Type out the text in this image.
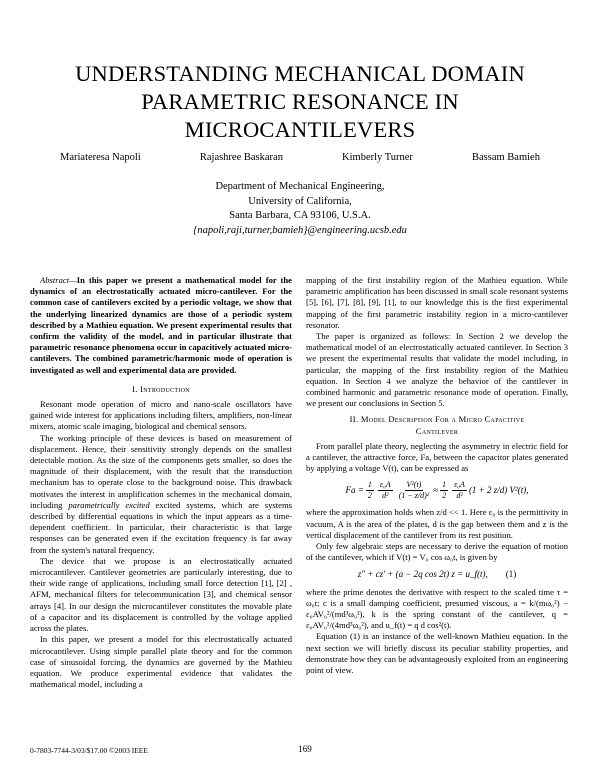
UNDERSTANDING MECHANICAL DOMAIN
PARAMETRIC RESONANCE IN
MICROCANTILEVERS
Mariateresa Napoli	Rajashree Baskaran	Kimberly Turner	Bassam Bamieh
Department of Mechanical Engineering,
University of California,
Santa Barbara, CA 93106, U.S.A.
{napoli,raji,turner,bamieh}@engineering.ucsb.edu

Abstract—In this paper we present a mathematical model for the dynamics of an electrostatically actuated micro-cantilever. For the common case of cantilevers excited by a periodic voltage, we show that the underlying linearized dynamics are those of a periodic system described by a Mathieu equation. We present experimental results that confirm the validity of the model, and in particular illustrate that parametric resonance phenomena occur in capacitively actuated micro-cantilevers. The combined parametric/harmonic mode of operation is investigated as well and experimental data are provided.

I. Introduction

Resonant mode operation of micro and nano-scale oscillators have gained wide interest for applications including filters, amplifiers, non-linear mixers, atomic scale imaging, biological and chemical sensors.

The working principle of these devices is based on measurement of displacement. Hence, their sensitivity strongly depends on the smallest detectable motion. As the size of the components gets smaller, so does the magnitude of their displacement, with the result that the transduction mechanism has to operate close to the background noise. This drawback motivates the interest in amplification schemes in the mechanical domain, including parametrically excited excited systems, which are systems described by differential equations in which the input appears as a time-dependent coefficient. In particular, their characteristic is that large responses can be generated even if the excitation frequency is far away from the system's natural frequency.

The device that we propose is an electrostatically actuated microcantilever. Cantilever geometries are particularly interesting, due to their wide range of applications, including small force detection [1], [2] , AFM, mechanical filters for telecommunication [3], and chemical sensor arrays [4]. In our design the microcantilever constitutes the movable plate of a capacitor and its displacement is controlled by the voltage applied across the plates.

In this paper, we present a model for this electrostatically actuated microcantilever. Using simple parallel plate theory and for the common case of sinusoidal forcing, the dynamics are governed by the Mathieu equation. We produce experimental evidence that validates the mathematical model, including a

mapping of the first instability region of the Mathieu equation. While parametric amplification has been discussed in small scale resonant systems [5], [6], [7], [8], [9], [1], to our knowledge this is the first experimental mapping of the first parametric instability region in a micro-cantilever resonator.

The paper is organized as follows: In Section 2 we develop the mathematical model of an electrostatically actuated cantilever. In Section 3 we present the experimental results that validate the model including, in particular, the mapping of the first instability region of the Mathieu equation. In Section 4 we analyze the behavior of the cantilever in combined harmonic and parametric resonance mode of operation. Finally, we present our conclusions in Section 5.

II. Model Description For a Micro Capacitive
Cantilever

From parallel plate theory, neglecting the asymmetry in electric field for a cantilever, the attractive force, Fa, between the capacitor plates generated by applying a voltage V(t), can be expressed as

$Fa = \frac{1}{2} \frac{\text{ε₀A}}{\text{d²}} \frac{\text{V²(t)}}{\text{(1 − z/d)²}} \approx \frac{1}{2} \frac{\text{ε₀A}}{\text{d²}} (1 + 2$ z/d) V²(t),

where the approximation holds when z/d << 1. Here ε₀ is the permittivity in vacuum, A is the area of the plates, d is the gap between them and z is the vertical displacement of the cantilever from its rest position.

Only few algebraic steps are necessary to derive the equation of motion of the cantilever, which if V(t) = V₀ cos ω₀t, is given by

z″ + cz′ + (a − 2q cos 2t) z = u_f(t), (1)

where the prime denotes the derivative with respect to the scaled time τ = ω₀t; c is a small damping coefficient, presumed viscous, a = k/(mω₀²) − ε₀AV₀²/(md³ω₀²), k is the spring constant of the cantilever, q = ε₀AV₀²/(4md³ω₀²), and u_f(t) = q d cos²(t).

Equation (1) is an instance of the well-known Mathieu equation. In the next section we will briefly discuss its peculiar stability properties, and demonstrate how they can be advantageously exploited from an engineering point of view.

0-7803-7744-3/03/$17.00 ©2003 IEEE	169
